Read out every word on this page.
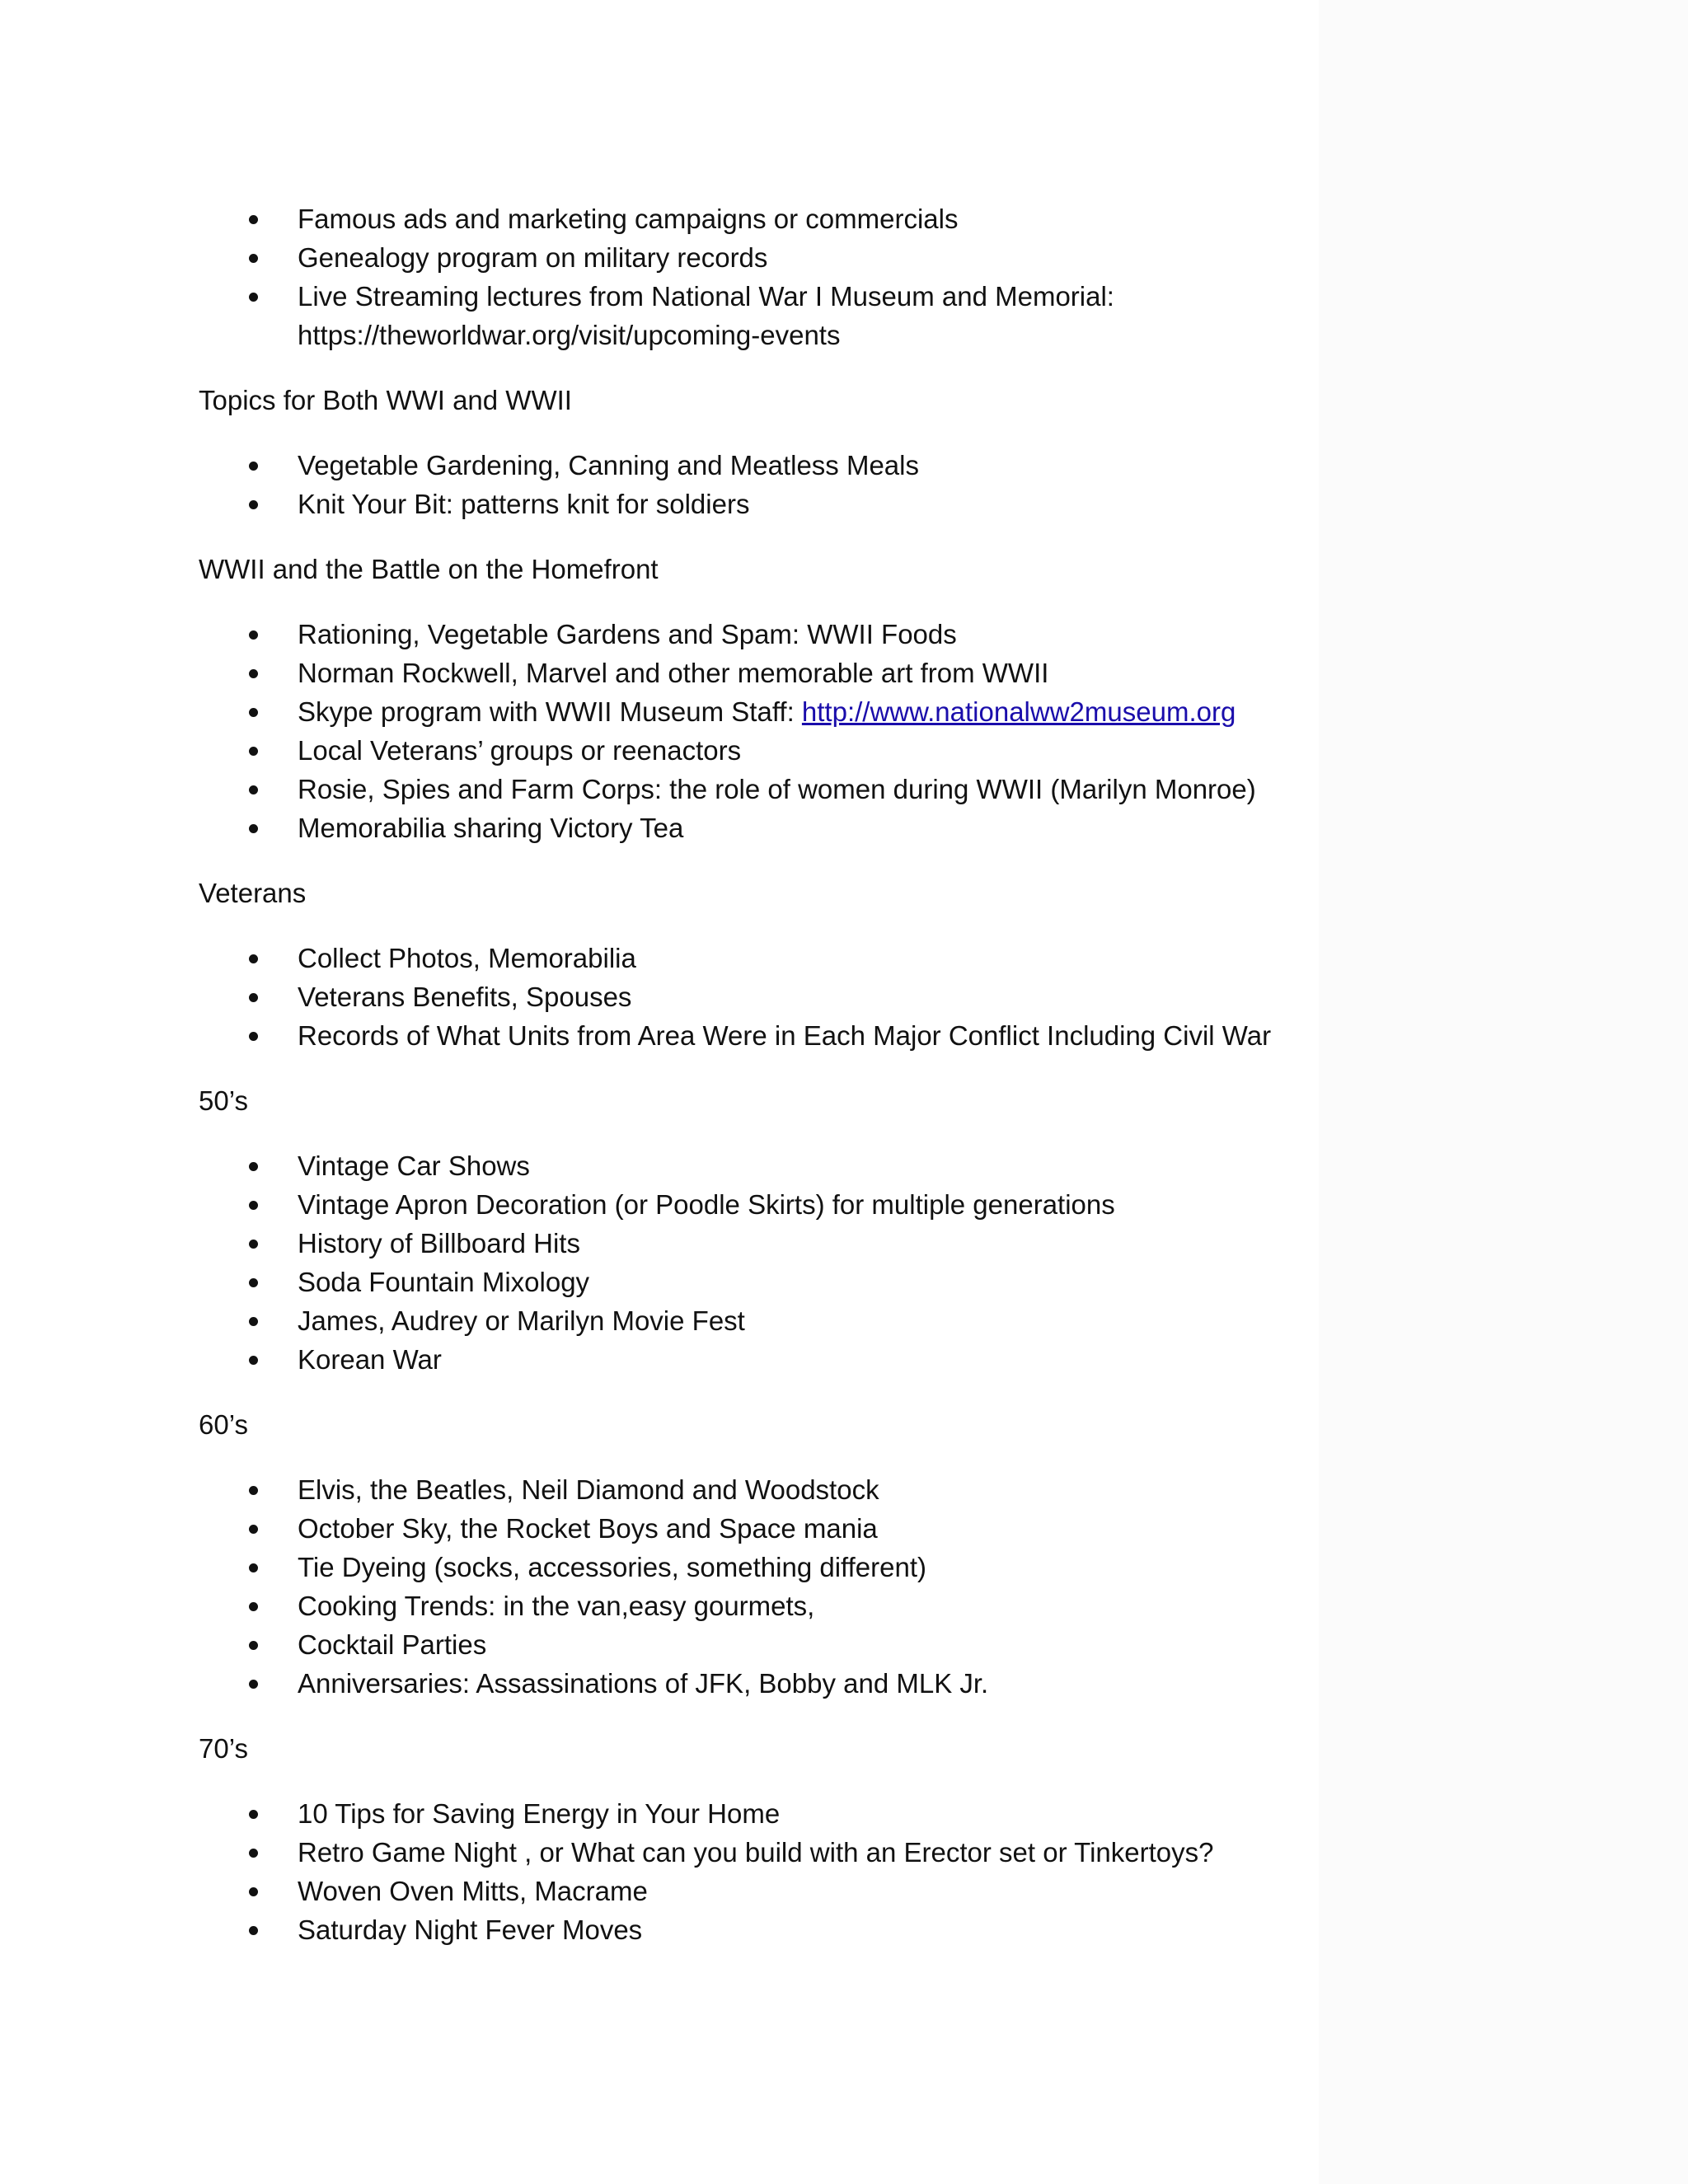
Famous ads and marketing campaigns or commercials
Genealogy program on military records
Live Streaming lectures from National War I Museum and Memorial:
https://theworldwar.org/visit/upcoming-events

Topics for Both WWI and WWII

Vegetable Gardening, Canning and Meatless Meals
Knit Your Bit: patterns knit for soldiers

WWII and the Battle on the Homefront

Rationing, Vegetable Gardens and Spam: WWII Foods
Norman Rockwell, Marvel and other memorable art from WWII
Skype program with WWII Museum Staff: http://www.nationalww2museum.org
Local Veterans’ groups or reenactors
Rosie, Spies and Farm Corps: the role of women during WWII (Marilyn Monroe)
Memorabilia sharing Victory Tea

Veterans

Collect Photos, Memorabilia
Veterans Benefits, Spouses
Records of What Units from Area Were in Each Major Conflict Including Civil War

50’s

Vintage Car Shows
Vintage Apron Decoration (or Poodle Skirts) for multiple generations
History of Billboard Hits
Soda Fountain Mixology
James, Audrey or Marilyn Movie Fest
Korean War

60’s

Elvis, the Beatles, Neil Diamond and Woodstock
October Sky, the Rocket Boys and Space mania
Tie Dyeing (socks, accessories, something different)
Cooking Trends: in the van,easy gourmets,
Cocktail Parties
Anniversaries: Assassinations of JFK, Bobby and MLK Jr.

70’s

10 Tips for Saving Energy in Your Home
Retro Game Night , or What can you build with an Erector set or Tinkertoys?
Woven Oven Mitts, Macrame
Saturday Night Fever Moves
